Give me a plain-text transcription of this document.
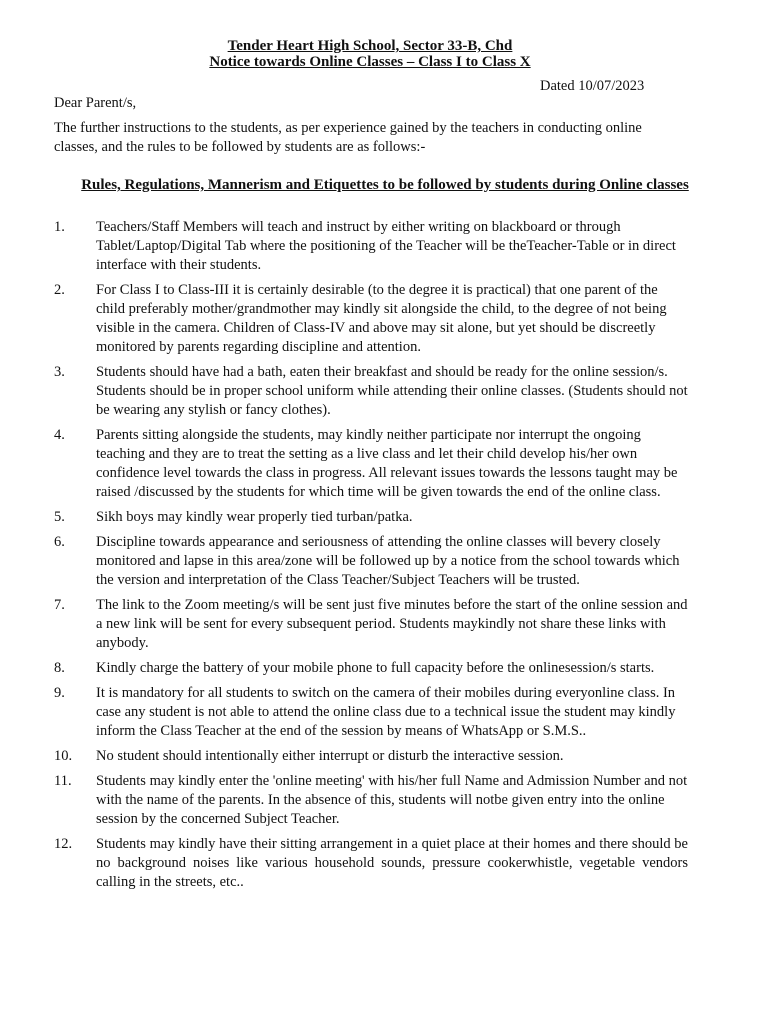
Tender Heart High School, Sector 33-B, Chd
Notice towards Online Classes – Class I to Class X
Dated 10/07/2023
Dear Parent/s,
The further instructions to the students, as per experience gained by the teachers in conducting online classes, and the rules to be followed by students are as follows:-
Rules, Regulations, Mannerism and Etiquettes to be followed by students during Online classes
1. Teachers/Staff Members will teach and instruct by either writing on blackboard or through Tablet/Laptop/Digital Tab where the positioning of the Teacher will be theTeacher-Table or in direct interface with their students.
2. For Class I to Class-III it is certainly desirable (to the degree it is practical) that one parent of the child preferably mother/grandmother may kindly sit alongside the child, to the degree of not being visible in the camera. Children of Class-IV and above may sit alone, but yet should be discreetly monitored by parents regarding discipline and attention.
3. Students should have had a bath, eaten their breakfast and should be ready for the online session/s. Students should be in proper school uniform while attending their online classes. (Students should not be wearing any stylish or fancy clothes).
4. Parents sitting alongside the students, may kindly neither participate nor interrupt the ongoing teaching and they are to treat the setting as a live class and let their child develop his/her own confidence level towards the class in progress. All relevant issues towards the lessons taught may be raised /discussed by the students for which time will be given towards the end of the online class.
5. Sikh boys may kindly wear properly tied turban/patka.
6. Discipline towards appearance and seriousness of attending the online classes will bevery closely monitored and lapse in this area/zone will be followed up by a notice from the school towards which the version and interpretation of the Class Teacher/Subject Teachers will be trusted.
7. The link to the Zoom meeting/s will be sent just five minutes before the start of the online session and a new link will be sent for every subsequent period. Students maykindly not share these links with anybody.
8. Kindly charge the battery of your mobile phone to full capacity before the onlinesession/s starts.
9. It is mandatory for all students to switch on the camera of their mobiles during everyonline class. In case any student is not able to attend the online class due to a technical issue the student may kindly inform the Class Teacher at the end of the session by means of WhatsApp or S.M.S..
10. No student should intentionally either interrupt or disturb the interactive session.
11. Students may kindly enter the 'online meeting' with his/her full Name and Admission Number and not with the name of the parents. In the absence of this, students will notbe given entry into the online session by the concerned Subject Teacher.
12. Students may kindly have their sitting arrangement in a quiet place at their homes and there should be no background noises like various household sounds, pressure cookerwhistle, vegetable vendors calling in the streets, etc..
